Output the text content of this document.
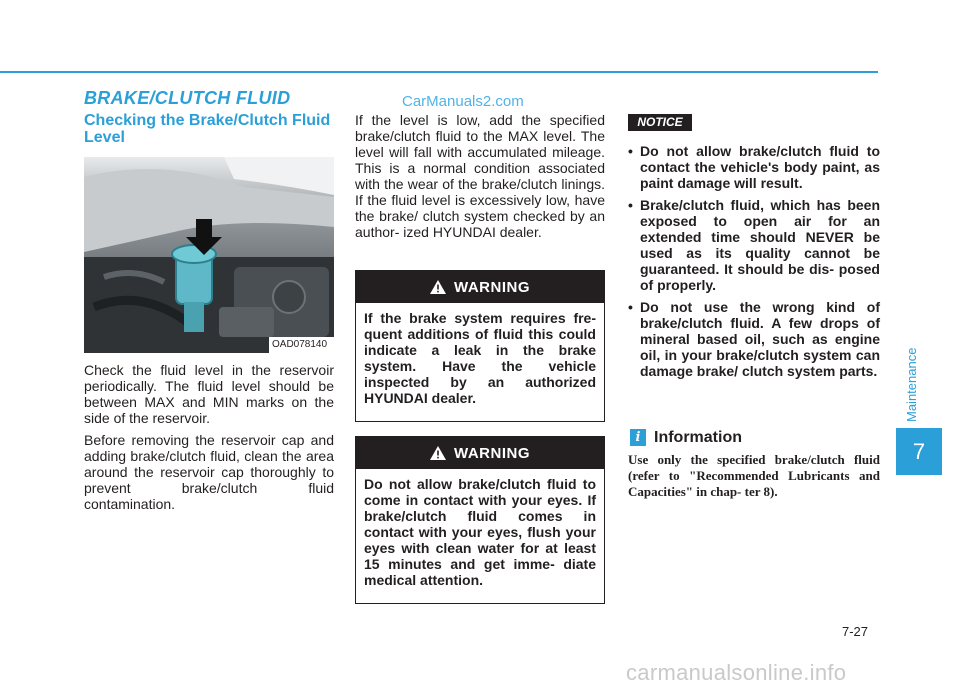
BRAKE/CLUTCH FLUID	CarManuals2.com
Checking the Brake/Clutch Fluid Level
OAD078140

Check the fluid level in the reservoir periodically. The fluid level should be between MAX and MIN marks on the side of the reservoir.

Before removing the reservoir cap and adding brake/clutch fluid, clean the area around the reservoir cap thoroughly to prevent brake/clutch fluid contamination.

If the level is low, add the specified brake/clutch fluid to the MAX level. The level will fall with accumulated mileage. This is a normal condition associated with the wear of the brake/clutch linings. If the fluid level is excessively low, have the brake/ clutch system checked by an author- ized HYUNDAI dealer.

WARNING
If the brake system requires fre- quent additions of fluid this could indicate a leak in the brake system. Have the vehicle inspected by an authorized HYUNDAI dealer.
WARNING
Do not allow brake/clutch fluid to come in contact with your eyes. If brake/clutch fluid comes in contact with your eyes, flush your eyes with clean water for at least 15 minutes and get imme- diate medical attention.
NOTICE
• Do not allow brake/clutch fluid to contact the vehicle's body paint, as paint damage will result.
• Brake/clutch fluid, which has been exposed to open air for an extended time should NEVER be used as its quality cannot be guaranteed. It should be dis- posed of properly.
• Do not use the wrong kind of brake/clutch fluid. A few drops of mineral based oil, such as engine oil, in your brake/clutch system can damage brake/ clutch system parts.
i Information

Use only the specified brake/clutch fluid (refer to "Recommended Lubricants and Capacities" in chap- ter 8).

Maintenance
7
7-27
carmanualsonline.info
